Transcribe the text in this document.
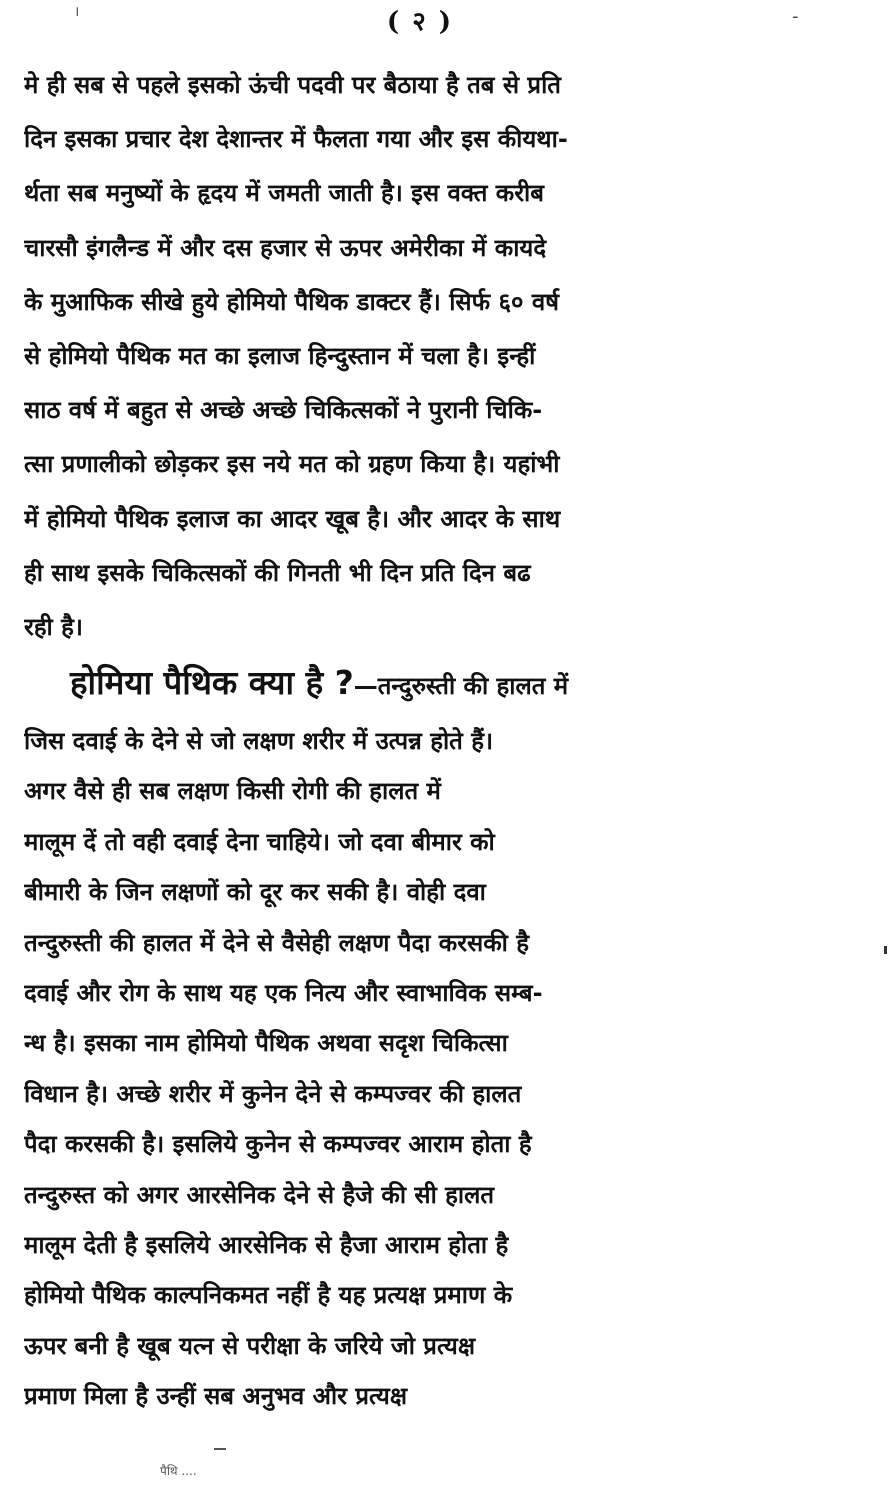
।	( २ )	-
मे ही सब से पहले इसको ऊंची पदवी पर बैठाया है तब से प्रति
दिन इसका प्रचार देश देशान्तर में फैलता गया और इस कीयथा-
र्थता सब मनुष्यों के हृदय में जमती जाती है। इस वक्त करीब
चारसौ इंगलैन्ड में और दस हजार से ऊपर अमेरीका में कायदे
के मुआफिक सीखे हुये होमियो पैथिक डाक्टर हैं। सिर्फ ६० वर्ष
से होमियो पैथिक मत का इलाज हिन्दुस्तान में चला है। इन्हीं
साठ वर्ष में बहुत से अच्छे अच्छे चिकित्सकों ने पुरानी चिकि-
त्सा प्रणालीको छोड़कर इस नये मत को ग्रहण किया है। यहांभी
में होमियो पैथिक इलाज का आदर खूब है। और आदर के साथ
ही साथ इसके चिकित्सकों की गिनती भी दिन प्रति दिन बढ
रही है।
होमिया पैथिक क्या है ?—तन्दुरुस्ती की हालत में
जिस दवाई के देने से जो लक्षण शरीर में उत्पन्न होते हैं।
अगर वैसे ही सब लक्षण किसी रोगी की हालत में
मालूम दें तो वही दवाई देना चाहिये। जो दवा बीमार को
बीमारी के जिन लक्षणों को दूर कर सकी है। वोही दवा
तन्दुरुस्ती की हालत में देने से वैसेही लक्षण पैदा करसकी है
दवाई और रोग के साथ यह एक नित्य और स्वाभाविक सम्ब-
न्ध है। इसका नाम होमियो पैथिक अथवा सदृश चिकित्सा
विधान है। अच्छे शरीर में कुनेन देने से कम्पज्वर की हालत
पैदा करसकी है। इसलिये कुनेन से कम्पज्वर आराम होता है
तन्दुरुस्त को अगर आरसेनिक देने से हैजे की सी हालत
मालूम देती है इसलिये आरसेनिक से हैजा आराम होता है
होमियो पैथिक काल्पनिकमत नहीं है यह प्रत्यक्ष प्रमाण के
ऊपर बनी है खूब यत्न से परीक्षा के जरिये जो प्रत्यक्ष
प्रमाण मिला है उन्हीं सब अनुभव और प्रत्यक्ष
पैथि ....
